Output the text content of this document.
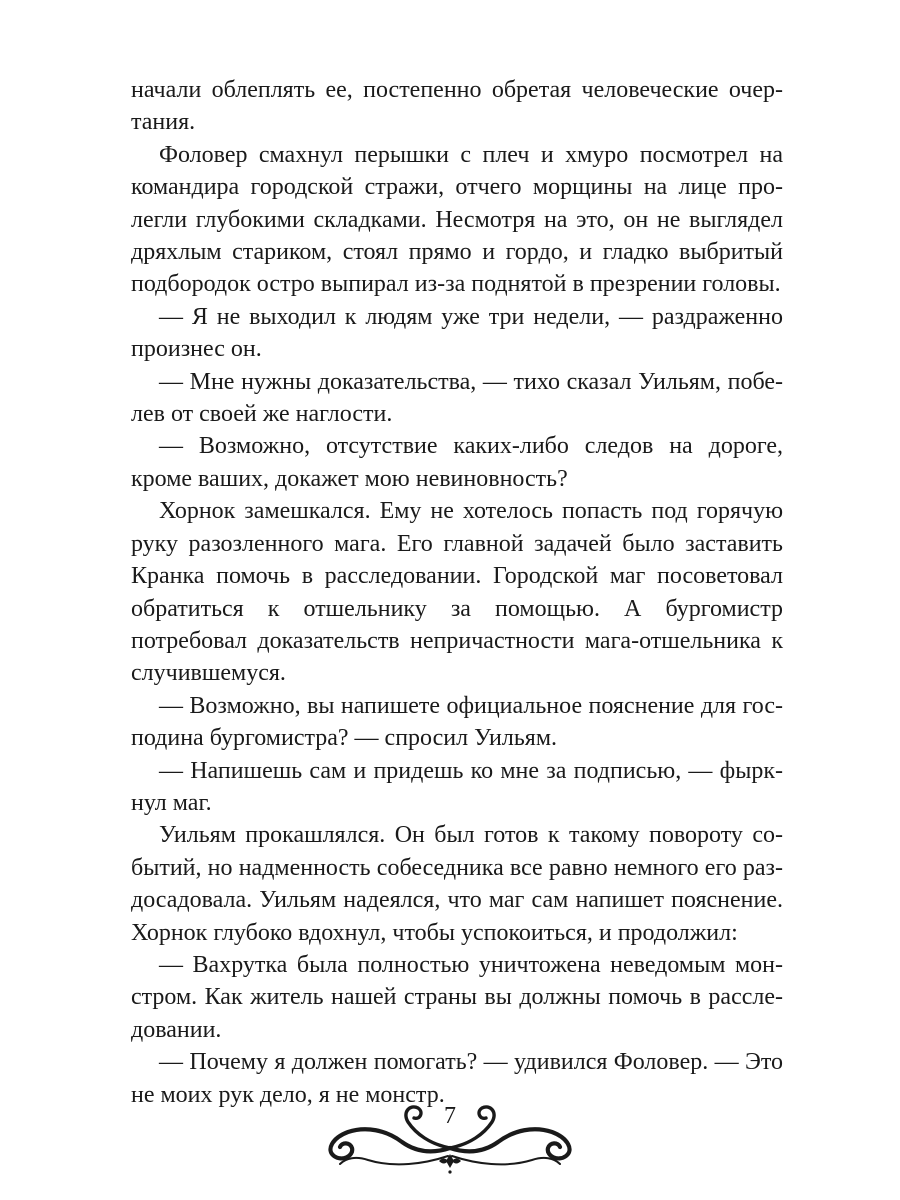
начали облеплять ее, постепенно обретая человеческие очертания.

Фоловер смахнул перышки с плеч и хмуро посмотрел на командира городской стражи, отчего морщины на лице пролегли глубокими складками. Несмотря на это, он не выглядел дряхлым стариком, стоял прямо и гордо, и гладко выбритый подбородок остро выпирал из-за поднятой в презрении головы.

— Я не выходил к людям уже три недели, — раздраженно произнес он.

— Мне нужны доказательства, — тихо сказал Уильям, побелев от своей же наглости.

— Возможно, отсутствие каких-либо следов на дороге, кроме ваших, докажет мою невиновность?

Хорнок замешкался. Ему не хотелось попасть под горячую руку разозленного мага. Его главной задачей было заставить Кранка помочь в расследовании. Городской маг посоветовал обратиться к отшельнику за помощью. А бургомистр потребовал доказательств непричастности мага-отшельника к случившемуся.

— Возможно, вы напишете официальное пояснение для господина бургомистра? — спросил Уильям.

— Напишешь сам и придешь ко мне за подписью, — фыркнул маг.

Уильям прокашлялся. Он был готов к такому повороту событий, но надменность собеседника все равно немного его раздосадовала. Уильям надеялся, что маг сам напишет пояснение. Хорнок глубоко вдохнул, чтобы успокоиться, и продолжил:

— Вахрутка была полностью уничтожена неведомым монстром. Как житель нашей страны вы должны помочь в расследовании.

— Почему я должен помогать? — удивился Фоловер. — Это не моих рук дело, я не монстр.

7
